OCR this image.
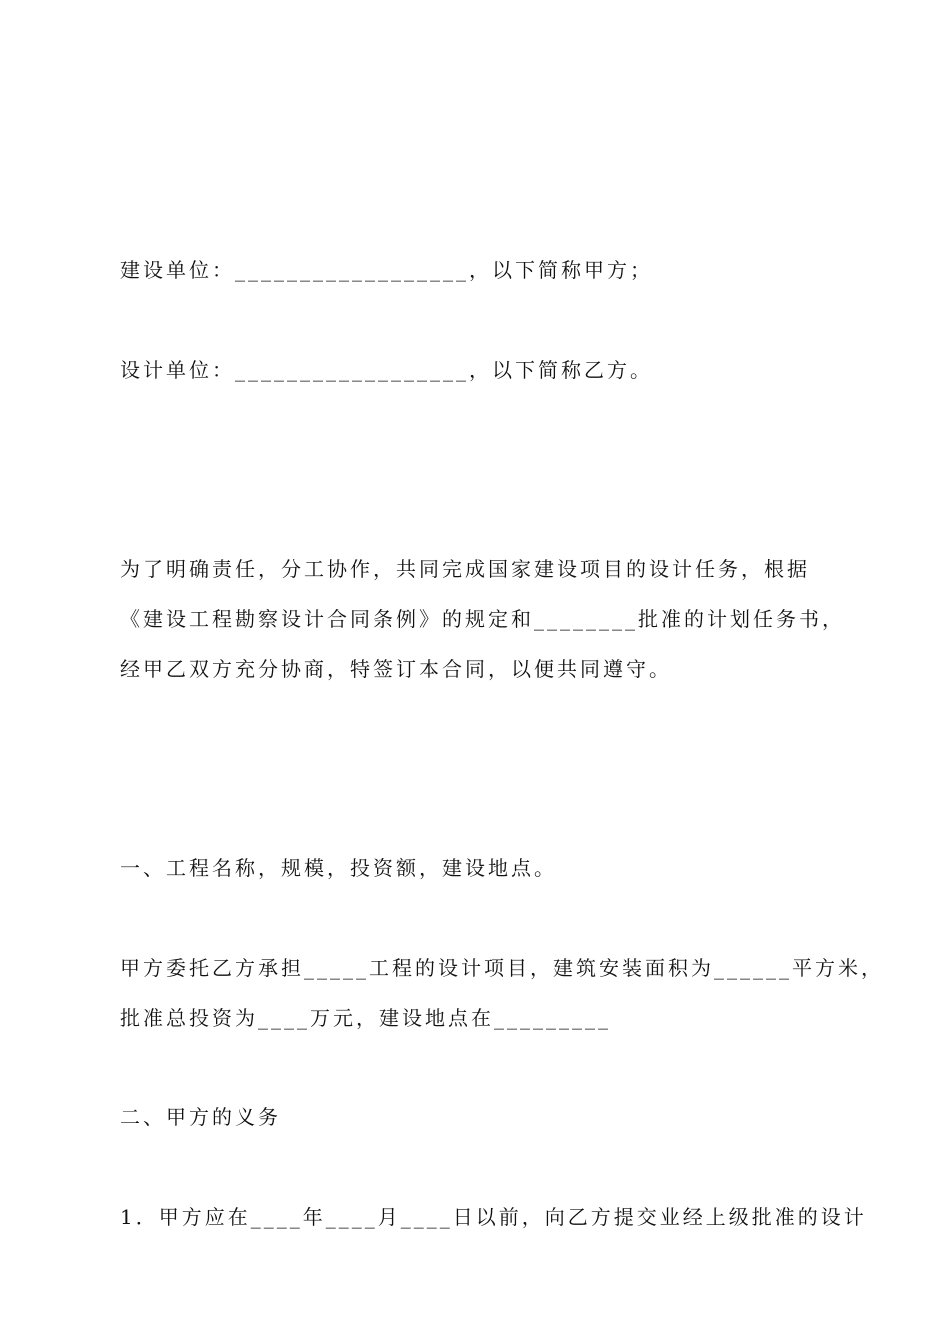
建设单位：__________________，以下简称甲方；
设计单位：__________________，以下简称乙方。
为了明确责任，分工协作，共同完成国家建设项目的设计任务，根据
《建设工程勘察设计合同条例》的规定和________批准的计划任务书，
经甲乙双方充分协商，特签订本合同，以便共同遵守。
一、工程名称，规模，投资额，建设地点。
甲方委托乙方承担_____工程的设计项目，建筑安装面积为______平方米，
批准总投资为____万元，建设地点在_________
二、甲方的义务
1．甲方应在____年____月____日以前，向乙方提交业经上级批准的设计
